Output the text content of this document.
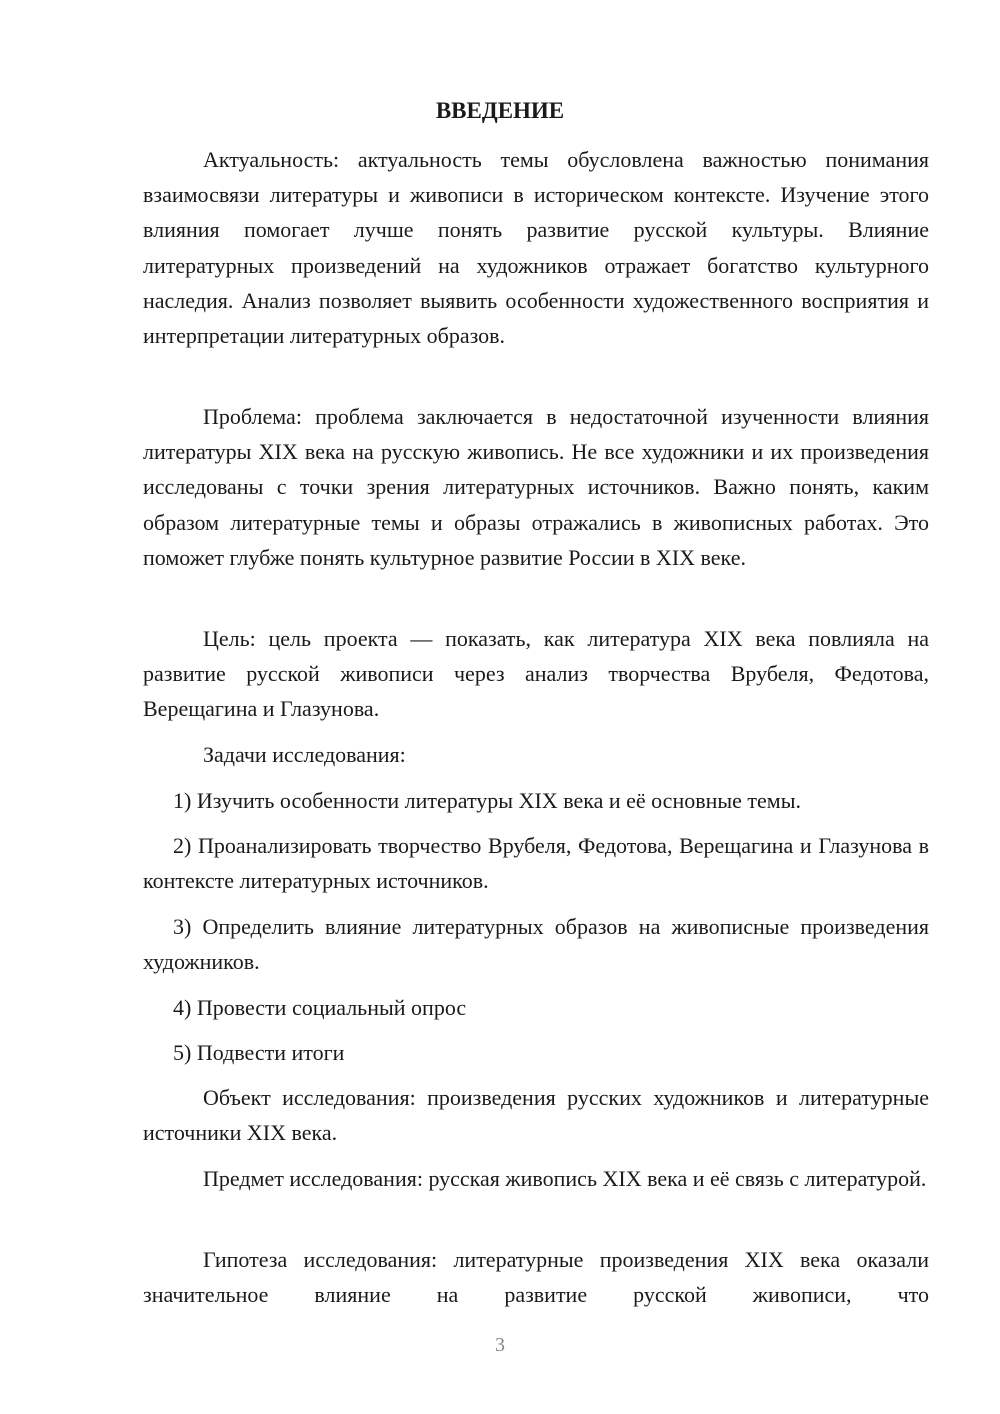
ВВЕДЕНИЕ

Актуальность: актуальность темы обусловлена важностью понимания взаимосвязи литературы и живописи в историческом контексте. Изучение этого влияния помогает лучше понять развитие русской культуры. Влияние литературных произведений на художников отражает богатство культурного наследия. Анализ позволяет выявить особенности художественного восприятия и интерпретации литературных образов.

Проблема: проблема заключается в недостаточной изученности влияния литературы XIX века на русскую живопись. Не все художники и их произведения исследованы с точки зрения литературных источников. Важно понять, каким образом литературные темы и образы отражались в живописных работах. Это поможет глубже понять культурное развитие России в XIX веке.

Цель: цель проекта — показать, как литература XIX века повлияла на развитие русской живописи через анализ творчества Врубеля, Федотова, Верещагина и Глазунова.

Задачи исследования:

1) Изучить особенности литературы XIX века и её основные темы.

2) Проанализировать творчество Врубеля, Федотова, Верещагина и Глазунова в контексте литературных источников.

3) Определить влияние литературных образов на живописные произведения художников.

4) Провести социальный опрос

5) Подвести итоги

Объект исследования: произведения русских художников и литературные источники XIX века.

Предмет исследования: русская живопись XIX века и её связь с литературой.

Гипотеза исследования: литературные произведения XIX века оказали значительное влияние на развитие русской живописи, что

3
